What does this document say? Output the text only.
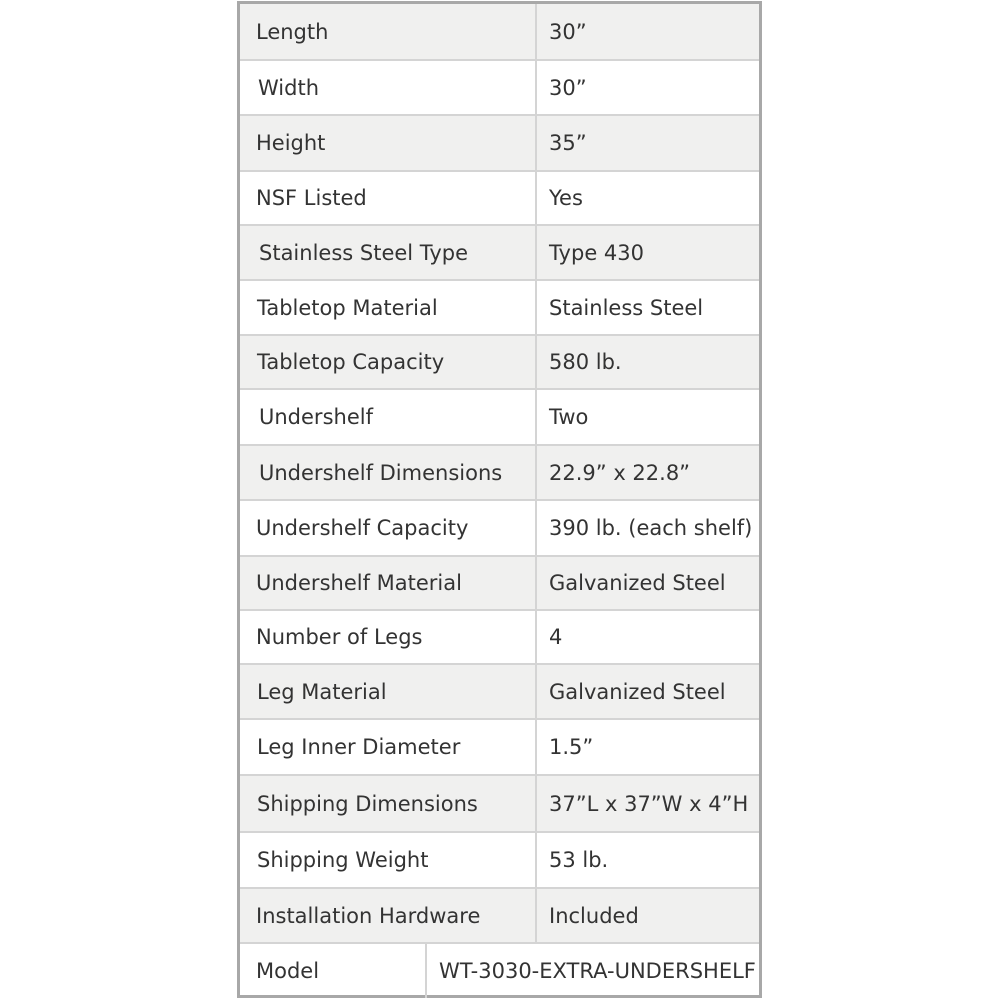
Length	30”
Width	30”
Height	35”
NSF Listed	Yes
Stainless Steel Type	Type 430
Tabletop Material	Stainless Steel
Tabletop Capacity	580 lb.
Undershelf	Two
Undershelf Dimensions	22.9” x 22.8”
Undershelf Capacity	390 lb. (each shelf)
Undershelf Material	Galvanized Steel
Number of Legs	4
Leg Material	Galvanized Steel
Leg Inner Diameter	1.5”
Shipping Dimensions	37”L x 37”W x 4”H
Shipping Weight	53 lb.
Installation Hardware	Included
Model	WT-3030-EXTRA-UNDERSHELF
